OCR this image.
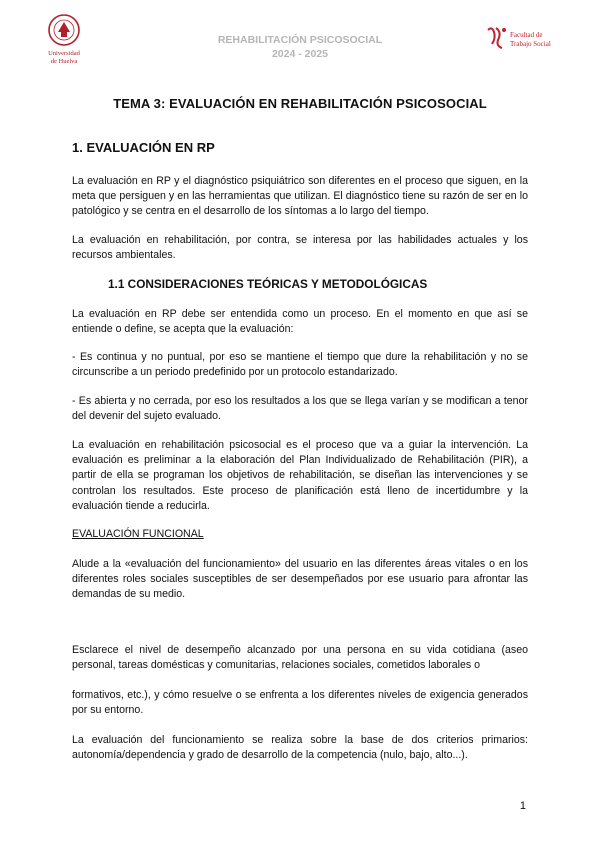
Universidad
de Huelva
REHABILITACIÓN PSICOSOCIAL
2024 - 2025
Facultad de
Trabajo Social
TEMA 3: EVALUACIÓN EN REHABILITACIÓN PSICOSOCIAL
1. EVALUACIÓN EN RP
La evaluación en RP y el diagnóstico psiquiátrico son diferentes en el proceso que siguen, en la meta que persiguen y en las herramientas que utilizan. El diagnóstico tiene su razón de ser en lo patológico y se centra en el desarrollo de los síntomas a lo largo del tiempo.
La evaluación en rehabilitación, por contra, se interesa por las habilidades actuales y los recursos ambientales.
1.1 CONSIDERACIONES TEÓRICAS Y METODOLÓGICAS
La evaluación en RP debe ser entendida como un proceso. En el momento en que así se entiende o define, se acepta que la evaluación:
- Es continua y no puntual, por eso se mantiene el tiempo que dure la rehabilitación y no se circunscribe a un periodo predefinido por un protocolo estandarizado.
- Es abierta y no cerrada, por eso los resultados a los que se llega varían y se modifican a tenor del devenir del sujeto evaluado.
La evaluación en rehabilitación psicosocial es el proceso que va a guiar la intervención. La evaluación es preliminar a la elaboración del Plan Individualizado de Rehabilitación (PIR), a partir de ella se programan los objetivos de rehabilitación, se diseñan las intervenciones y se controlan los resultados. Este proceso de planificación está lleno de incertidumbre y la evaluación tiende a reducirla.
EVALUACIÓN FUNCIONAL
Alude a la «evaluación del funcionamiento» del usuario en las diferentes áreas vitales o en los diferentes roles sociales susceptibles de ser desempeñados por ese usuario para afrontar las demandas de su medio.
Esclarece el nivel de desempeño alcanzado por una persona en su vida cotidiana (aseo personal, tareas domésticas y comunitarias, relaciones sociales, cometidos laborales o
formativos, etc.), y cómo resuelve o se enfrenta a los diferentes niveles de exigencia generados por su entorno.
La evaluación del funcionamiento se realiza sobre la base de dos criterios primarios: autonomía/dependencia y grado de desarrollo de la competencia (nulo, bajo, alto...).
1
